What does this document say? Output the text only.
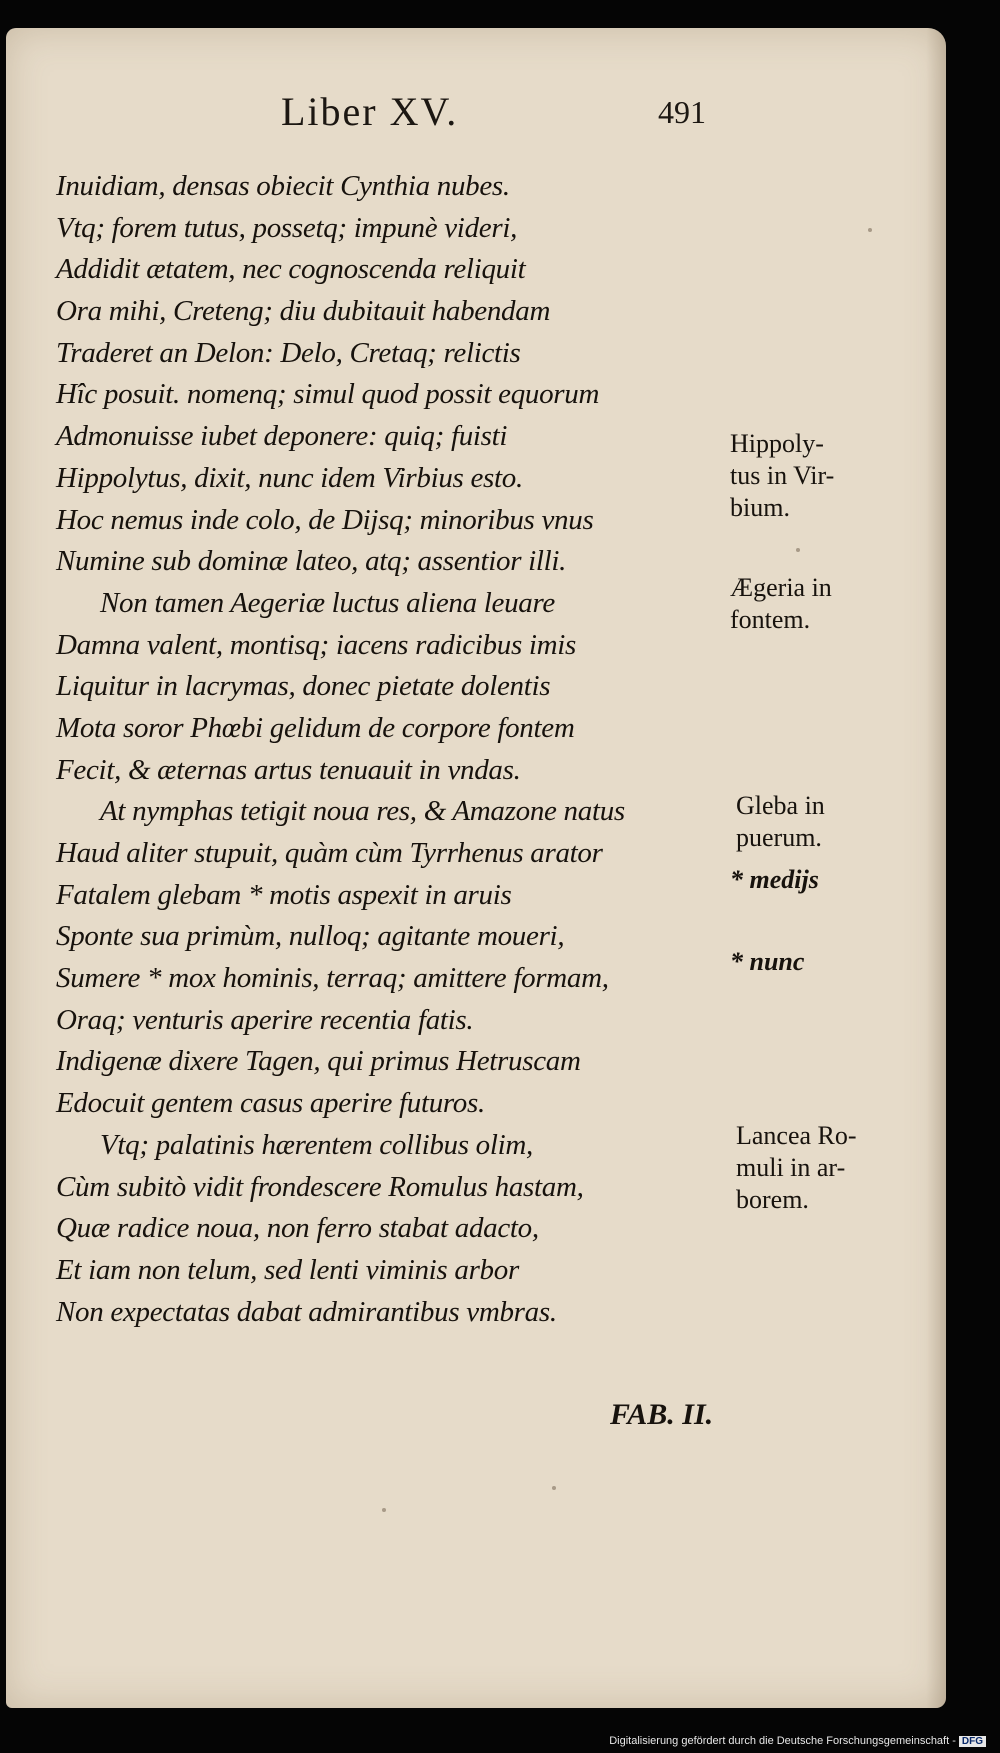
Liber XV.	491
Inuidiam, densas obiecit Cynthia nubes.
Vtq; forem tutus, possetq; impunè videri,
Addidit ætatem, nec cognoscenda reliquit
Ora mihi, Creteng; diu dubitauit habendam
Traderet an Delon: Delo, Cretaq; relictis
Hîc posuit. nomenq; simul quod possit equorum
Admonuisse iubet deponere: quiq; fuisti
Hippolytus, dixit, nunc idem Virbius esto.
Hoc nemus inde colo, de Dijsq; minoribus vnus
Numine sub dominæ lateo, atq; assentior illi.
Non tamen Aegeriæ luctus aliena leuare
Damna valent, montisq; iacens radicibus imis
Liquitur in lacrymas, donec pietate dolentis
Mota soror Phœbi gelidum de corpore fontem
Fecit, & æternas artus tenuauit in vndas.
At nymphas tetigit noua res, & Amazone natus
Haud aliter stupuit, quàm cùm Tyrrhenus arator
Fatalem glebam * motis aspexit in aruis
Sponte sua primùm, nulloq; agitante moueri,
Sumere * mox hominis, terraq; amittere formam,
Oraq; venturis aperire recentia fatis.
Indigenæ dixere Tagen, qui primus Hetruscam
Edocuit gentem casus aperire futuros.
Vtq; palatinis hærentem collibus olim,
Cùm subitò vidit frondescere Romulus hastam,
Quæ radice noua, non ferro stabat adacto,
Et iam non telum, sed lenti viminis arbor
Non expectatas dabat admirantibus vmbras.
Hippoly-
tus in Vir-
bium.
Ægeria in
fontem.
Gleba in
puerum.
* medijs
* nunc
Lancea Ro-
muli in ar-
borem.
FAB. II.
Digitalisierung gefördert durch die Deutsche Forschungsgemeinschaft - DFG
